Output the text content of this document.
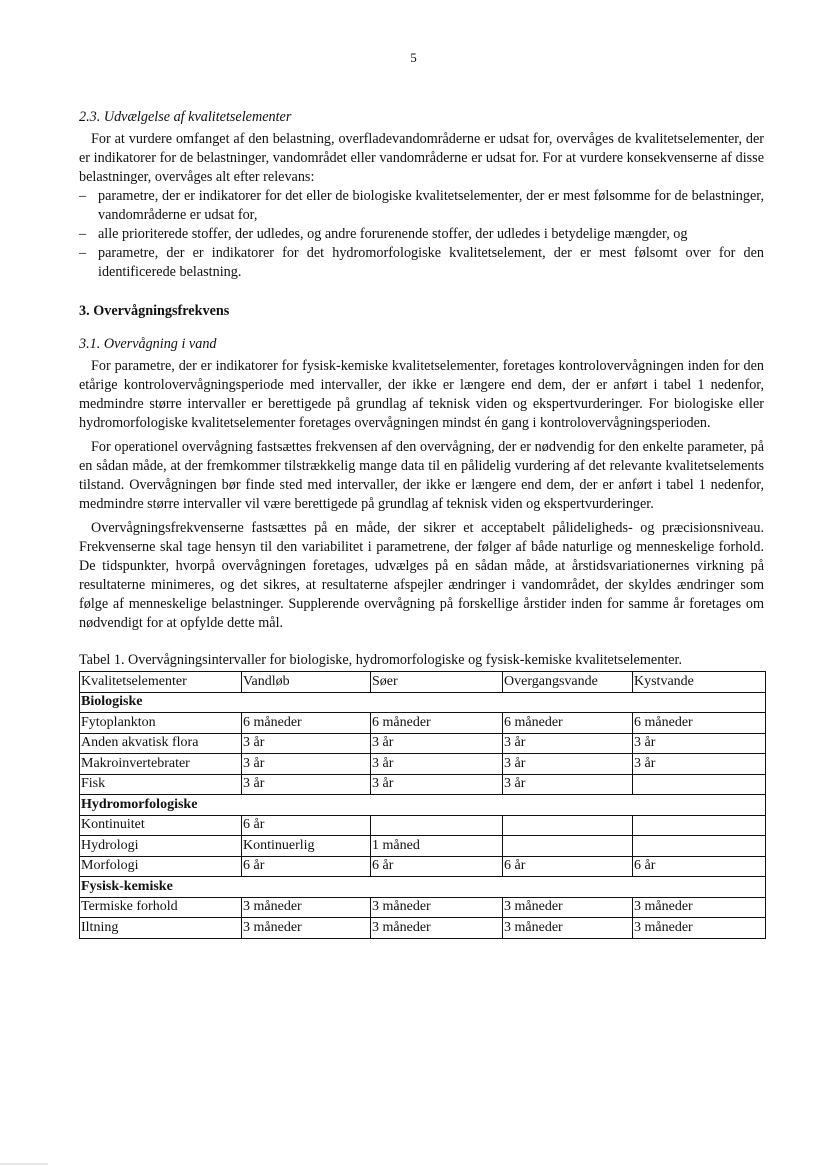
5
2.3. Udvælgelse af kvalitetselementer

For at vurdere omfanget af den belastning, overfladevandområderne er udsat for, overvåges de kvalitetselementer, der er indikatorer for de belastninger, vandområdet eller vandområderne er udsat for. For at vurdere konsekvenserne af disse belastninger, overvåges alt efter relevans:

– parametre, der er indikatorer for det eller de biologiske kvalitetselementer, der er mest følsomme for de belastninger, vandområderne er udsat for,
– alle prioriterede stoffer, der udledes, og andre forurenende stoffer, der udledes i betydelige mængder, og
– parametre, der er indikatorer for det hydromorfologiske kvalitetselement, der er mest følsomt over for den identificerede belastning.
3. Overvågningsfrekvens
3.1. Overvågning i vand

For parametre, der er indikatorer for fysisk-kemiske kvalitetselementer, foretages kontrolovervågningen inden for den etårige kontrolovervågningsperiode med intervaller, der ikke er længere end dem, der er anført i tabel 1 nedenfor, medmindre større intervaller er berettigede på grundlag af teknisk viden og ekspertvurderinger. For biologiske eller hydromorfologiske kvalitetselementer foretages overvågningen mindst én gang i kontrolovervågningsperioden.

For operationel overvågning fastsættes frekvensen af den overvågning, der er nødvendig for den enkelte parameter, på en sådan måde, at der fremkommer tilstrækkelig mange data til en pålidelig vurdering af det relevante kvalitetselements tilstand. Overvågningen bør finde sted med intervaller, der ikke er længere end dem, der er anført i tabel 1 nedenfor, medmindre større intervaller vil være berettigede på grundlag af teknisk viden og ekspertvurderinger.

Overvågningsfrekvenserne fastsættes på en måde, der sikrer et acceptabelt pålideligheds- og præcisionsniveau. Frekvenserne skal tage hensyn til den variabilitet i parametrene, der følger af både naturlige og menneskelige forhold. De tidspunkter, hvorpå overvågningen foretages, udvælges på en sådan måde, at årstidsvariationernes virkning på resultaterne minimeres, og det sikres, at resultaterne afspejler ændringer i vandområdet, der skyldes ændringer som følge af menneskelige belastninger. Supplerende overvågning på forskellige årstider inden for samme år foretages om nødvendigt for at opfylde dette mål.

Tabel 1. Overvågningsintervaller for biologiske, hydromorfologiske og fysisk-kemiske kvalitetselementer.
Kvalitetselementer	Vandløb	Søer	Overgangsvande	Kystvande
Biologiske				
Fytoplankton	6 måneder	6 måneder	6 måneder	6 måneder
Anden akvatisk flora	3 år	3 år	3 år	3 år
Makroinvertebrater	3 år	3 år	3 år	3 år
Fisk	3 år	3 år	3 år	
Hydromorfologiske				
Kontinuitet	6 år			
Hydrologi	Kontinuerlig	1 måned		
Morfologi	6 år	6 år	6 år	6 år
Fysisk-kemiske				
Termiske forhold	3 måneder	3 måneder	3 måneder	3 måneder
Iltning	3 måneder	3 måneder	3 måneder	3 måneder
